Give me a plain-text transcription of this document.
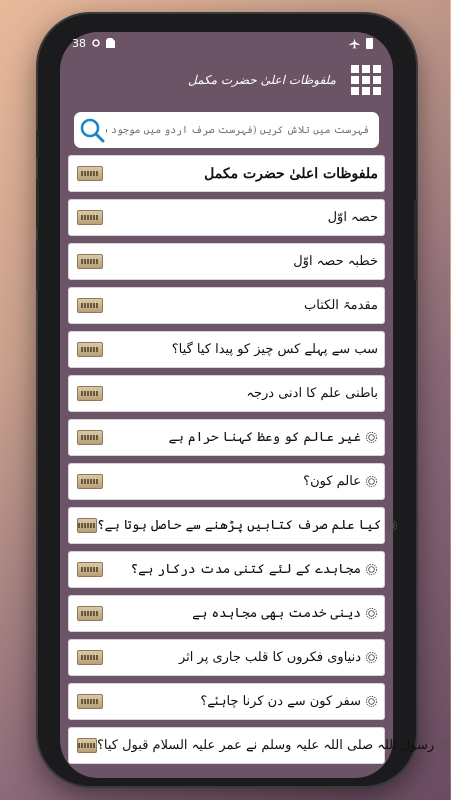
38
ملفوظات اعلیٰ حضرت مکمل
فہرست میں تلاش کریں (فہرست صرف اردو میں موجود ہے)
ملفوظات اعلیٰ حضرت مکمل
حصہ اوّل
خطبہ حصہ اوّل
مقدمۃ الکتاب
سب سے پہلے کس چیز کو پیدا کیا گیا؟
باطنی علم کا ادنی درجہ
غیر عالم کو وعظ کہنا حرام ہے
عالم کون؟
کیا علم صرف کتابیں پڑھنے سے حاصل ہوتا ہے؟
مجاہدے کے لئے کتنی مدت درکار ہے؟
دینی خدمت بھی مجاہدہ ہے
دنیاوی فکروں کا قلب جاری پر اثر
سفر کون سے دن کرنا چاہئے؟
رسول اللہ صلی اللہ علیہ وسلم نے عمر علیہ السلام قبول کیا؟
